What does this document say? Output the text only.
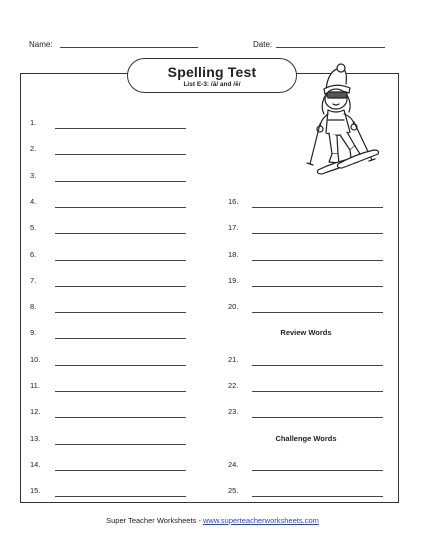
Name:	Date:
Spelling Test
List E-3: /ā/ and /ē/
1.
2.
3.
4.
5.
6.
7.
8.
9.
10.
11.
12.
13.
14.
15.
16.
17.
18.
19.
20.
Review Words
21.
22.
23.
Challenge Words
24.
25.
Super Teacher Worksheets - www.superteacherworksheets.com
